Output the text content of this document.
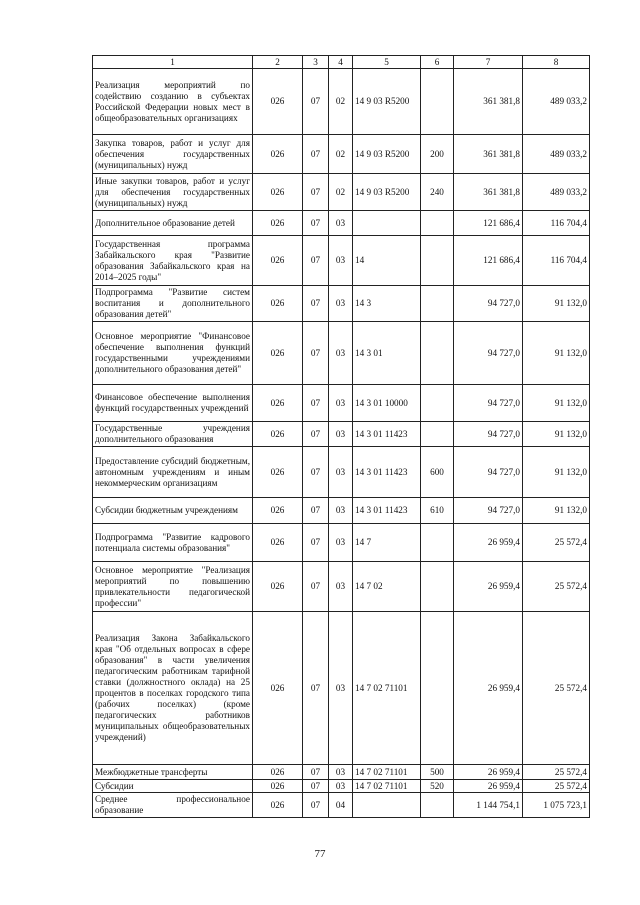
1	2	3	4	5	6	7	8
Реализация мероприятий по содействию созданию в субъектах Российской Федерации новых мест в общеобразовательных организациях	026	07	02	14 9 03 R5200		361 381,8	489 033,2
Закупка товаров, работ и услуг для обеспечения государственных (муниципальных) нужд	026	07	02	14 9 03 R5200	200	361 381,8	489 033,2
Иные закупки товаров, работ и услуг для обеспечения государственных (муниципальных) нужд	026	07	02	14 9 03 R5200	240	361 381,8	489 033,2
Дополнительное образование детей	026	07	03			121 686,4	116 704,4
Государственная программа Забайкальского края "Развитие образования Забайкальского края на 2014–2025 годы"	026	07	03	14		121 686,4	116 704,4
Подпрограмма "Развитие систем воспитания и дополнительного образования детей"	026	07	03	14 3		94 727,0	91 132,0
Основное мероприятие "Финансовое обеспечение выполнения функций государственными учреждениями дополнительного образования детей"	026	07	03	14 3 01		94 727,0	91 132,0
Финансовое обеспечение выполнения функций государственных учреждений	026	07	03	14 3 01 10000		94 727,0	91 132,0
Государственные учреждения дополнительного образования	026	07	03	14 3 01 11423		94 727,0	91 132,0
Предоставление субсидий бюджетным, автономным учреждениям и иным некоммерческим организациям	026	07	03	14 3 01 11423	600	94 727,0	91 132,0
Субсидии бюджетным учреждениям	026	07	03	14 3 01 11423	610	94 727,0	91 132,0
Подпрограмма "Развитие кадрового потенциала системы образования"	026	07	03	14 7		26 959,4	25 572,4
Основное мероприятие "Реализация мероприятий по повышению привлекательности педагогической профессии"	026	07	03	14 7 02		26 959,4	25 572,4
Реализация Закона Забайкальского края "Об отдельных вопросах в сфере образования" в части увеличения педагогическим работникам тарифной ставки (должностного оклада) на 25 процентов в поселках городского типа (рабочих поселках) (кроме педагогических работников муниципальных общеобразовательных учреждений)	026	07	03	14 7 02 71101		26 959,4	25 572,4
Межбюджетные трансферты	026	07	03	14 7 02 71101	500	26 959,4	25 572,4
Субсидии	026	07	03	14 7 02 71101	520	26 959,4	25 572,4
Среднее профессиональное образование	026	07	04			1 144 754,1	1 075 723,1
77
